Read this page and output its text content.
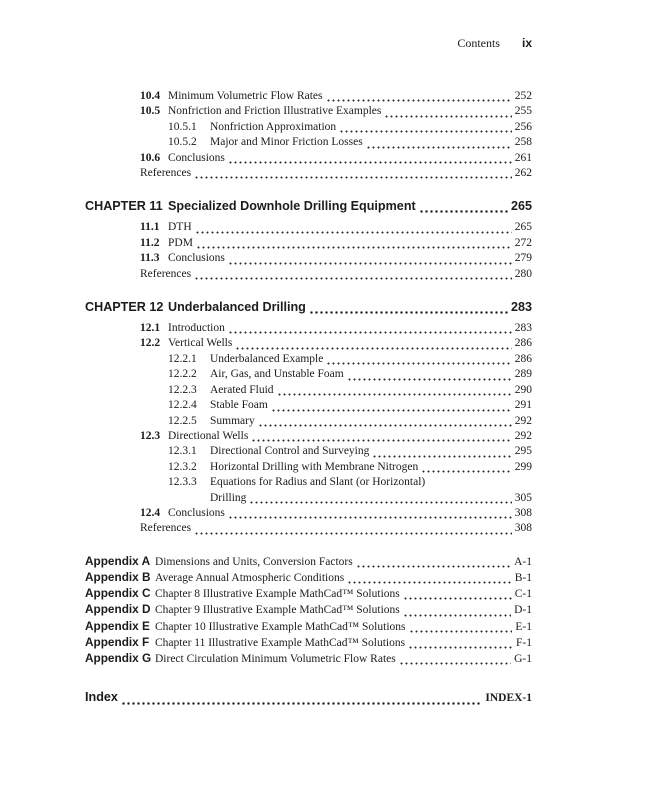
Contents ix
10.4 Minimum Volumetric Flow Rates	252
10.5 Nonfriction and Friction Illustrative Examples	255
10.5.1	Nonfriction Approximation	256
10.5.2	Major and Minor Friction Losses	258
10.6 Conclusions	261
References	262
CHAPTER 11 Specialized Downhole Drilling Equipment	265
11.1 DTH	265
11.2 PDM	272
11.3 Conclusions	279
References	280
CHAPTER 12 Underbalanced Drilling	283
12.1 Introduction	283
12.2 Vertical Wells	286
12.2.1	Underbalanced Example	286
12.2.2	Air, Gas, and Unstable Foam	289
12.2.3	Aerated Fluid	290
12.2.4	Stable Foam	291
12.2.5	Summary	292
12.3 Directional Wells	292
12.3.1	Directional Control and Surveying	295
12.3.2	Horizontal Drilling with Membrane Nitrogen	299
12.3.3	Equations for Radius and Slant (or Horizontal)
Drilling	305
12.4 Conclusions	308
References	308
Appendix A Dimensions and Units, Conversion Factors	A-1
Appendix B Average Annual Atmospheric Conditions	B-1
Appendix C Chapter 8 Illustrative Example MathCad™ Solutions	C-1
Appendix D Chapter 9 Illustrative Example MathCad™ Solutions	D-1
Appendix E Chapter 10 Illustrative Example MathCad™ Solutions	E-1
Appendix F Chapter 11 Illustrative Example MathCad™ Solutions	F-1
Appendix G Direct Circulation Minimum Volumetric Flow Rates	G-1
Index	INDEX-1
